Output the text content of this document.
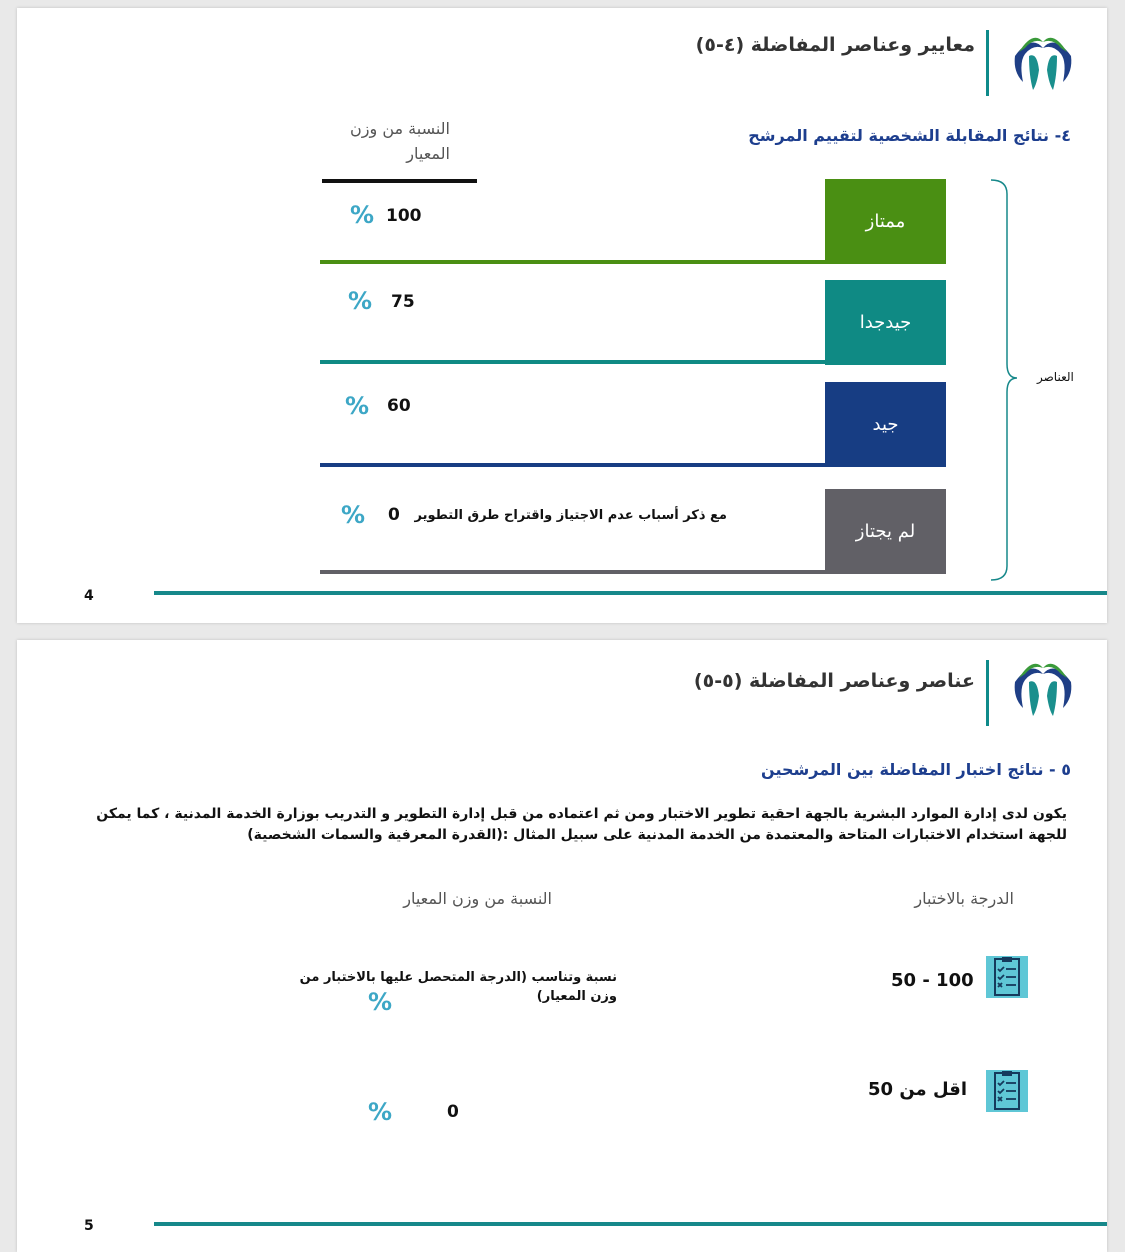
معايير وعناصر المفاضلة (٤-٥)
٤- نتائج المقابلة الشخصية لتقييم المرشح
النسبة من وزن المعيار
ممتاز
% 100
جيدجدا
% 75
جيد
% 60
لم يجتاز
% 0 مع ذكر أسباب عدم الاجتياز واقتراح طرق التطوير
العناصر
4
عناصر وعناصر المفاضلة (٥-٥)
٥ - نتائج اختبار المفاضلة بين المرشحين
يكون لدى إدارة الموارد البشرية بالجهة احقية تطوير الاختبار ومن ثم اعتماده من قبل إدارة التطوير و التدريب بوزارة الخدمة المدنية ، كما يمكن للجهة استخدام الاختبارات المتاحة والمعتمدة من الخدمة المدنية على سبيل المثال :(القدرة المعرفية والسمات الشخصية)
الدرجة بالاختبار
النسبة من وزن المعيار
50 - 100
نسبة وتناسب (الدرجة المتحصل عليها بالاختبار من وزن المعيار)
%
اقل من 50
%	0
5
